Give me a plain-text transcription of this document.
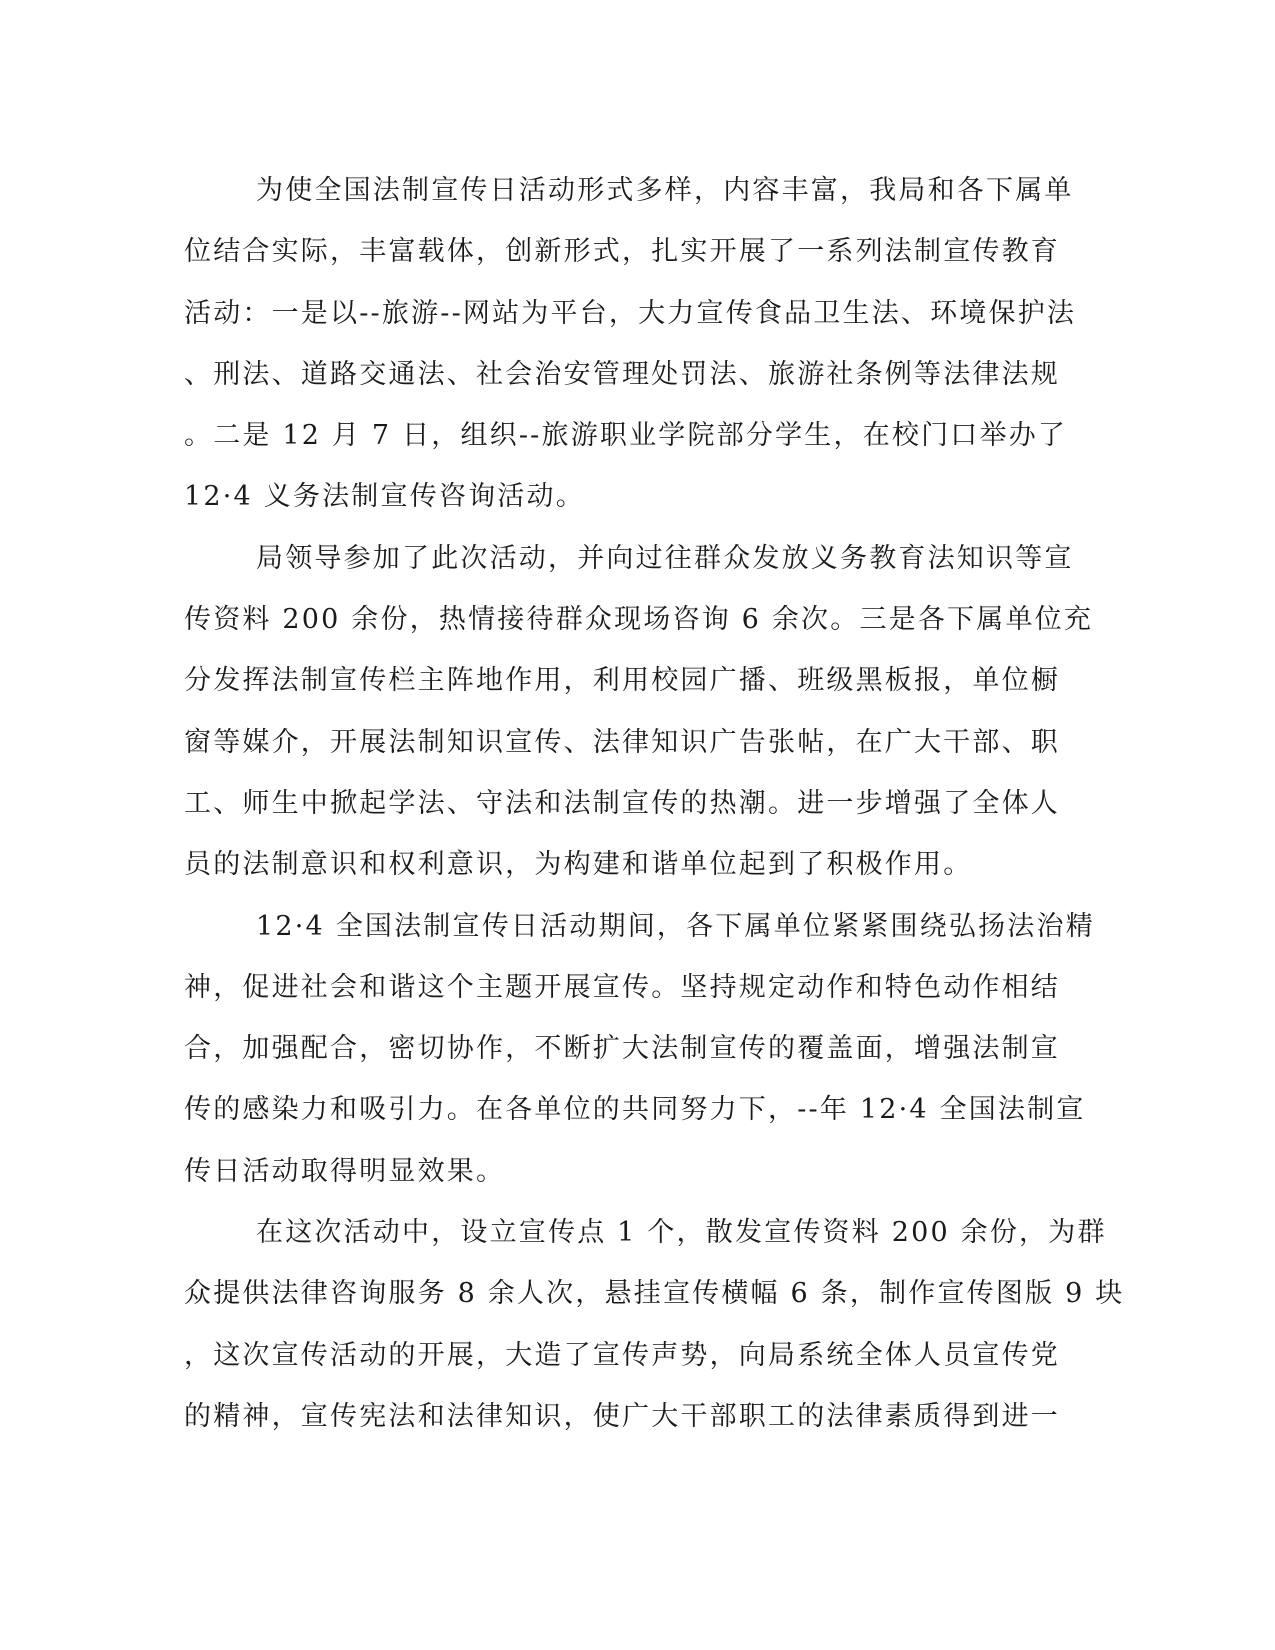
为使全国法制宣传日活动形式多样，内容丰富，我局和各下属单
位结合实际，丰富载体，创新形式，扎实开展了一系列法制宣传教育
活动：一是以--旅游--网站为平台，大力宣传食品卫生法、环境保护法
、刑法、道路交通法、社会治安管理处罚法、旅游社条例等法律法规
。二是 12 月 7 日，组织--旅游职业学院部分学生，在校门口举办了
12·4 义务法制宣传咨询活动。
局领导参加了此次活动，并向过往群众发放义务教育法知识等宣
传资料 200 余份，热情接待群众现场咨询 6 余次。三是各下属单位充
分发挥法制宣传栏主阵地作用，利用校园广播、班级黑板报，单位橱
窗等媒介，开展法制知识宣传、法律知识广告张帖，在广大干部、职
工、师生中掀起学法、守法和法制宣传的热潮。进一步增强了全体人
员的法制意识和权利意识，为构建和谐单位起到了积极作用。
12·4 全国法制宣传日活动期间，各下属单位紧紧围绕弘扬法治精
神，促进社会和谐这个主题开展宣传。坚持规定动作和特色动作相结
合，加强配合，密切协作，不断扩大法制宣传的覆盖面，增强法制宣
传的感染力和吸引力。在各单位的共同努力下，--年 12·4 全国法制宣
传日活动取得明显效果。
在这次活动中，设立宣传点 1 个，散发宣传资料 200 余份，为群
众提供法律咨询服务 8 余人次，悬挂宣传横幅 6 条，制作宣传图版 9 块
，这次宣传活动的开展，大造了宣传声势，向局系统全体人员宣传党
的精神，宣传宪法和法律知识，使广大干部职工的法律素质得到进一
